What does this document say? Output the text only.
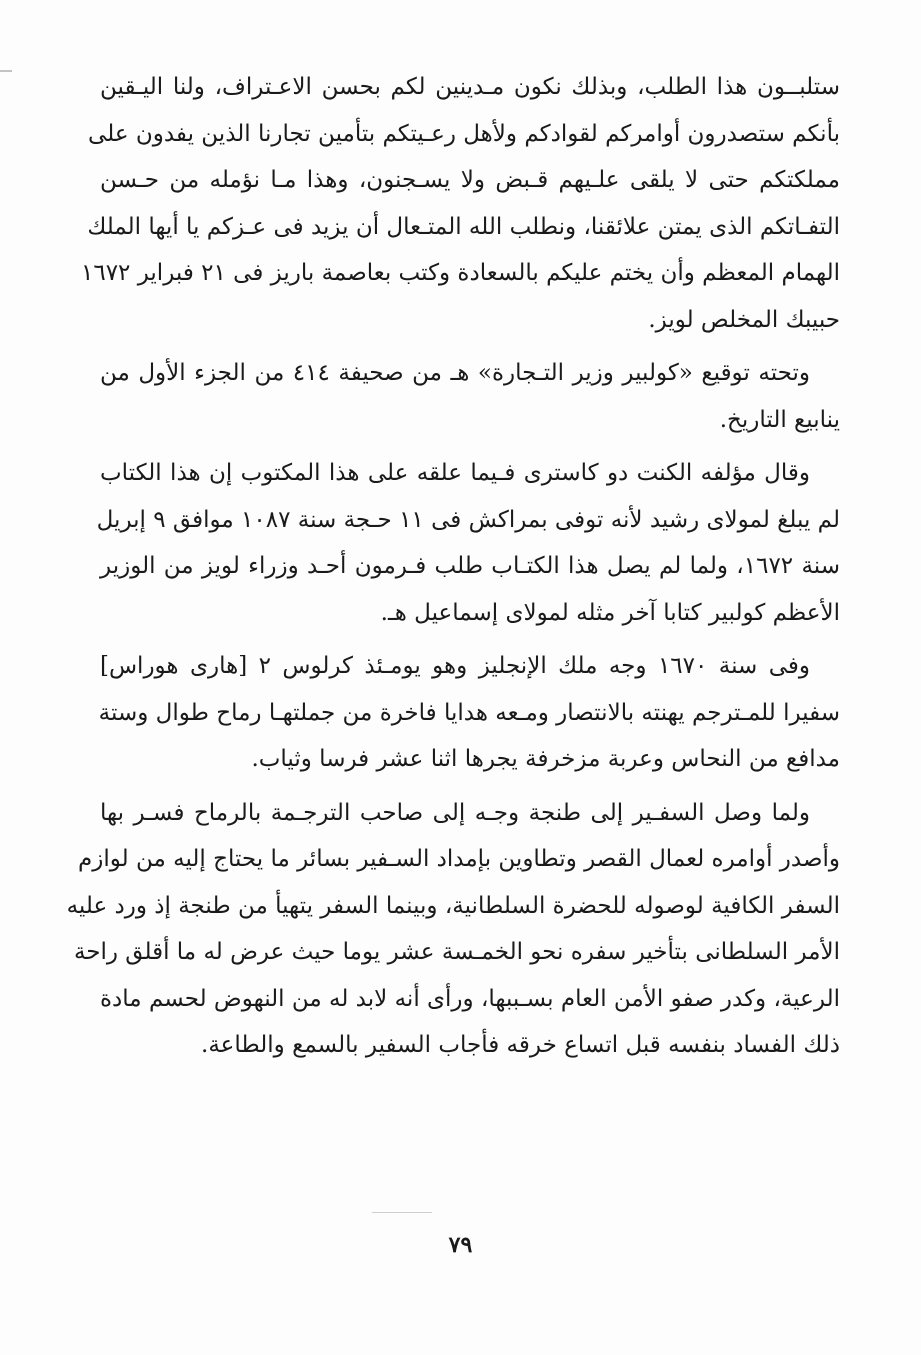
ستلبــون هذا الطلب، وبذلك نكون مـدينين لكم بحسن الاعـتراف، ولنا اليـقين
بأنكم ستصدرون أوامركم لقوادكم ولأهل رعـيتكم بتأمين تجارنا الذين يفدون على
مملكتكم حتى لا يلقى علـيهم قـبض ولا يسـجنون، وهذا مـا نؤمله من حـسن
التفـاتكم الذى يمتن علائقنا، ونطلب الله المتـعال أن يزيد فى عـزكم يا أيها الملك
الهمام المعظم وأن يختم عليكم بالسعادة وكتب بعاصمة باريز فى ٢١ فبراير ١٦٧٢
حبيبك المخلص لويز.
وتحته توقيع «كولبير وزير التـجارة» هـ من صحيفة ٤١٤ من الجزء الأول من
ينابيع التاريخ.
وقال مؤلفه الكنت دو كاسترى فـيما علقه على هذا المكتوب إن هذا الكتاب
لم يبلغ لمولاى رشيد لأنه توفى بمراكش فى ١١ حـجة سنة ١٠٨٧ موافق ٩ إبريل
سنة ١٦٧٢، ولما لم يصل هذا الكتـاب طلب فـرمون أحـد وزراء لويز من الوزير
الأعظم كولبير كتابا آخر مثله لمولاى إسماعيل هـ.
وفى سنة ١٦٧٠ وجه ملك الإنجليز وهو يومـئذ كرلوس ٢ [هارى هوراس]
سفيرا للمـترجم يهنته بالانتصار ومـعه هدايا فاخرة من جملتهـا رماح طوال وستة
مدافع من النحاس وعربة مزخرفة يجرها اثنا عشر فرسا وثياب.
ولما وصل السفـير إلى طنجة وجـه إلى صاحب الترجـمة بالرماح فسـر بها
وأصدر أوامره لعمال القصر وتطاوين بإمداد السـفير بسائر ما يحتاج إليه من لوازم
السفر الكافية لوصوله للحضرة السلطانية، وبينما السفر يتهيأ من طنجة إذ ورد عليه
الأمر السلطانى بتأخير سفره نحو الخمـسة عشر يوما حيث عرض له ما أقلق راحة
الرعية، وكدر صفو الأمن العام بسـببها، ورأى أنه لابد له من النهوض لحسم مادة
ذلك الفساد بنفسه قبل اتساع خرقه فأجاب السفير بالسمع والطاعة.
٧٩
